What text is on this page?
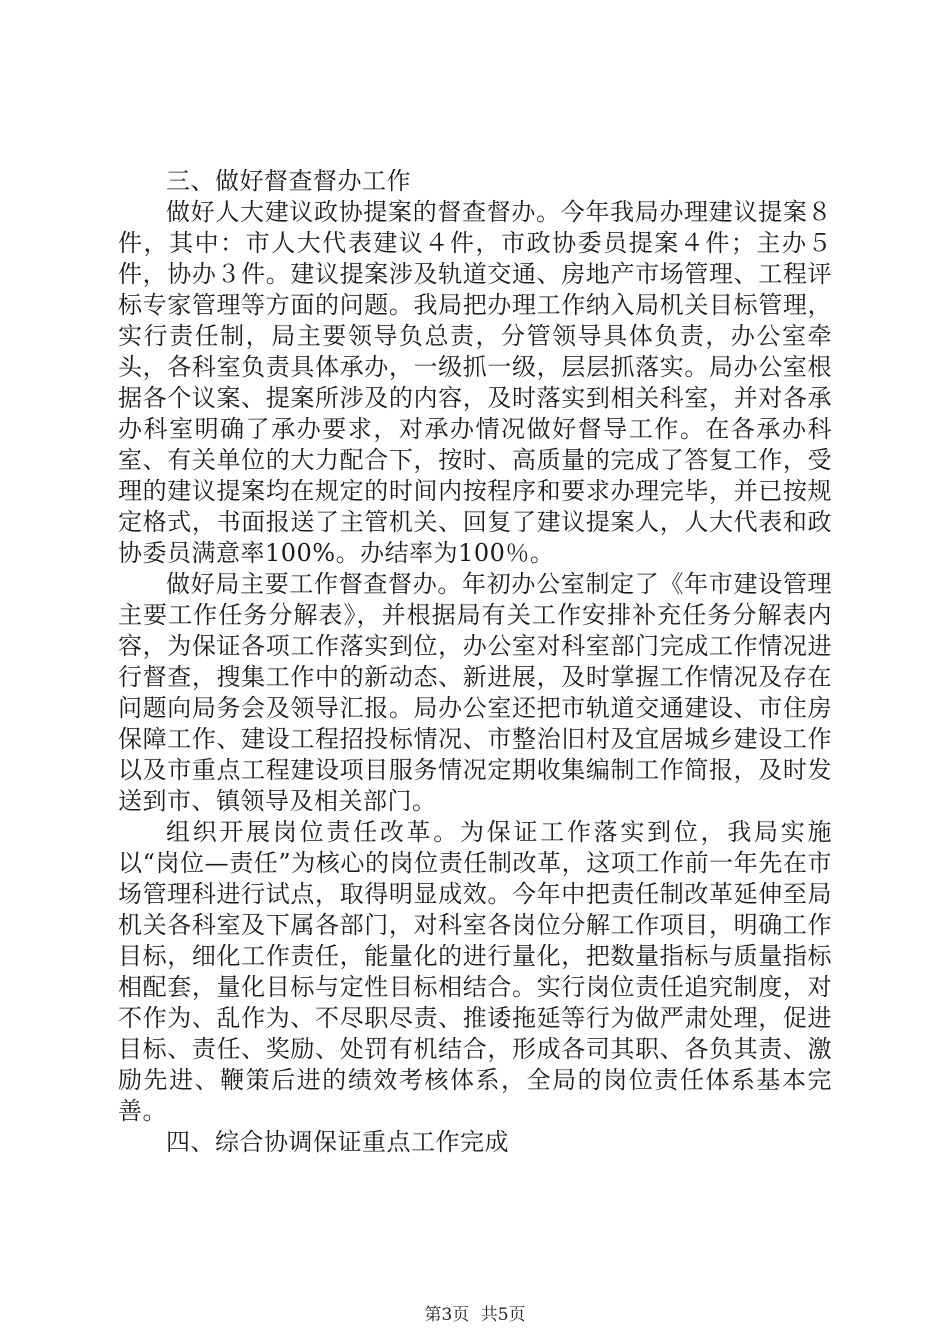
三、做好督查督办工作

做好人大建议政协提案的督查督办。今年我局办理建议提案８件，其中：市人大代表建议４件，市政协委员提案４件；主办５件，协办３件。建议提案涉及轨道交通、房地产市场管理、工程评标专家管理等方面的问题。我局把办理工作纳入局机关目标管理，实行责任制，局主要领导负总责，分管领导具体负责，办公室牵头，各科室负责具体承办，一级抓一级，层层抓落实。局办公室根据各个议案、提案所涉及的内容，及时落实到相关科室，并对各承办科室明确了承办要求，对承办情况做好督导工作。在各承办科室、有关单位的大力配合下，按时、高质量的完成了答复工作，受理的建议提案均在规定的时间内按程序和要求办理完毕，并已按规定格式，书面报送了主管机关、回复了建议提案人，人大代表和政协委员满意率100%。办结率为100％。

做好局主要工作督查督办。年初办公室制定了《年市建设管理主要工作任务分解表》，并根据局有关工作安排补充任务分解表内容，为保证各项工作落实到位，办公室对科室部门完成工作情况进行督查，搜集工作中的新动态、新进展，及时掌握工作情况及存在问题向局务会及领导汇报。局办公室还把市轨道交通建设、市住房保障工作、建设工程招投标情况、市整治旧村及宜居城乡建设工作以及市重点工程建设项目服务情况定期收集编制工作简报，及时发送到市、镇领导及相关部门。

组织开展岗位责任改革。为保证工作落实到位，我局实施以“岗位—责任”为核心的岗位责任制改革，这项工作前一年先在市场管理科进行试点，取得明显成效。今年中把责任制改革延伸至局机关各科室及下属各部门，对科室各岗位分解工作项目，明确工作目标，细化工作责任，能量化的进行量化，把数量指标与质量指标相配套，量化目标与定性目标相结合。实行岗位责任追究制度，对不作为、乱作为、不尽职尽责、推诿拖延等行为做严肃处理，促进目标、责任、奖励、处罚有机结合，形成各司其职、各负其责、激励先进、鞭策后进的绩效考核体系，全局的岗位责任体系基本完善。

四、综合协调保证重点工作完成

第3页 共5页
